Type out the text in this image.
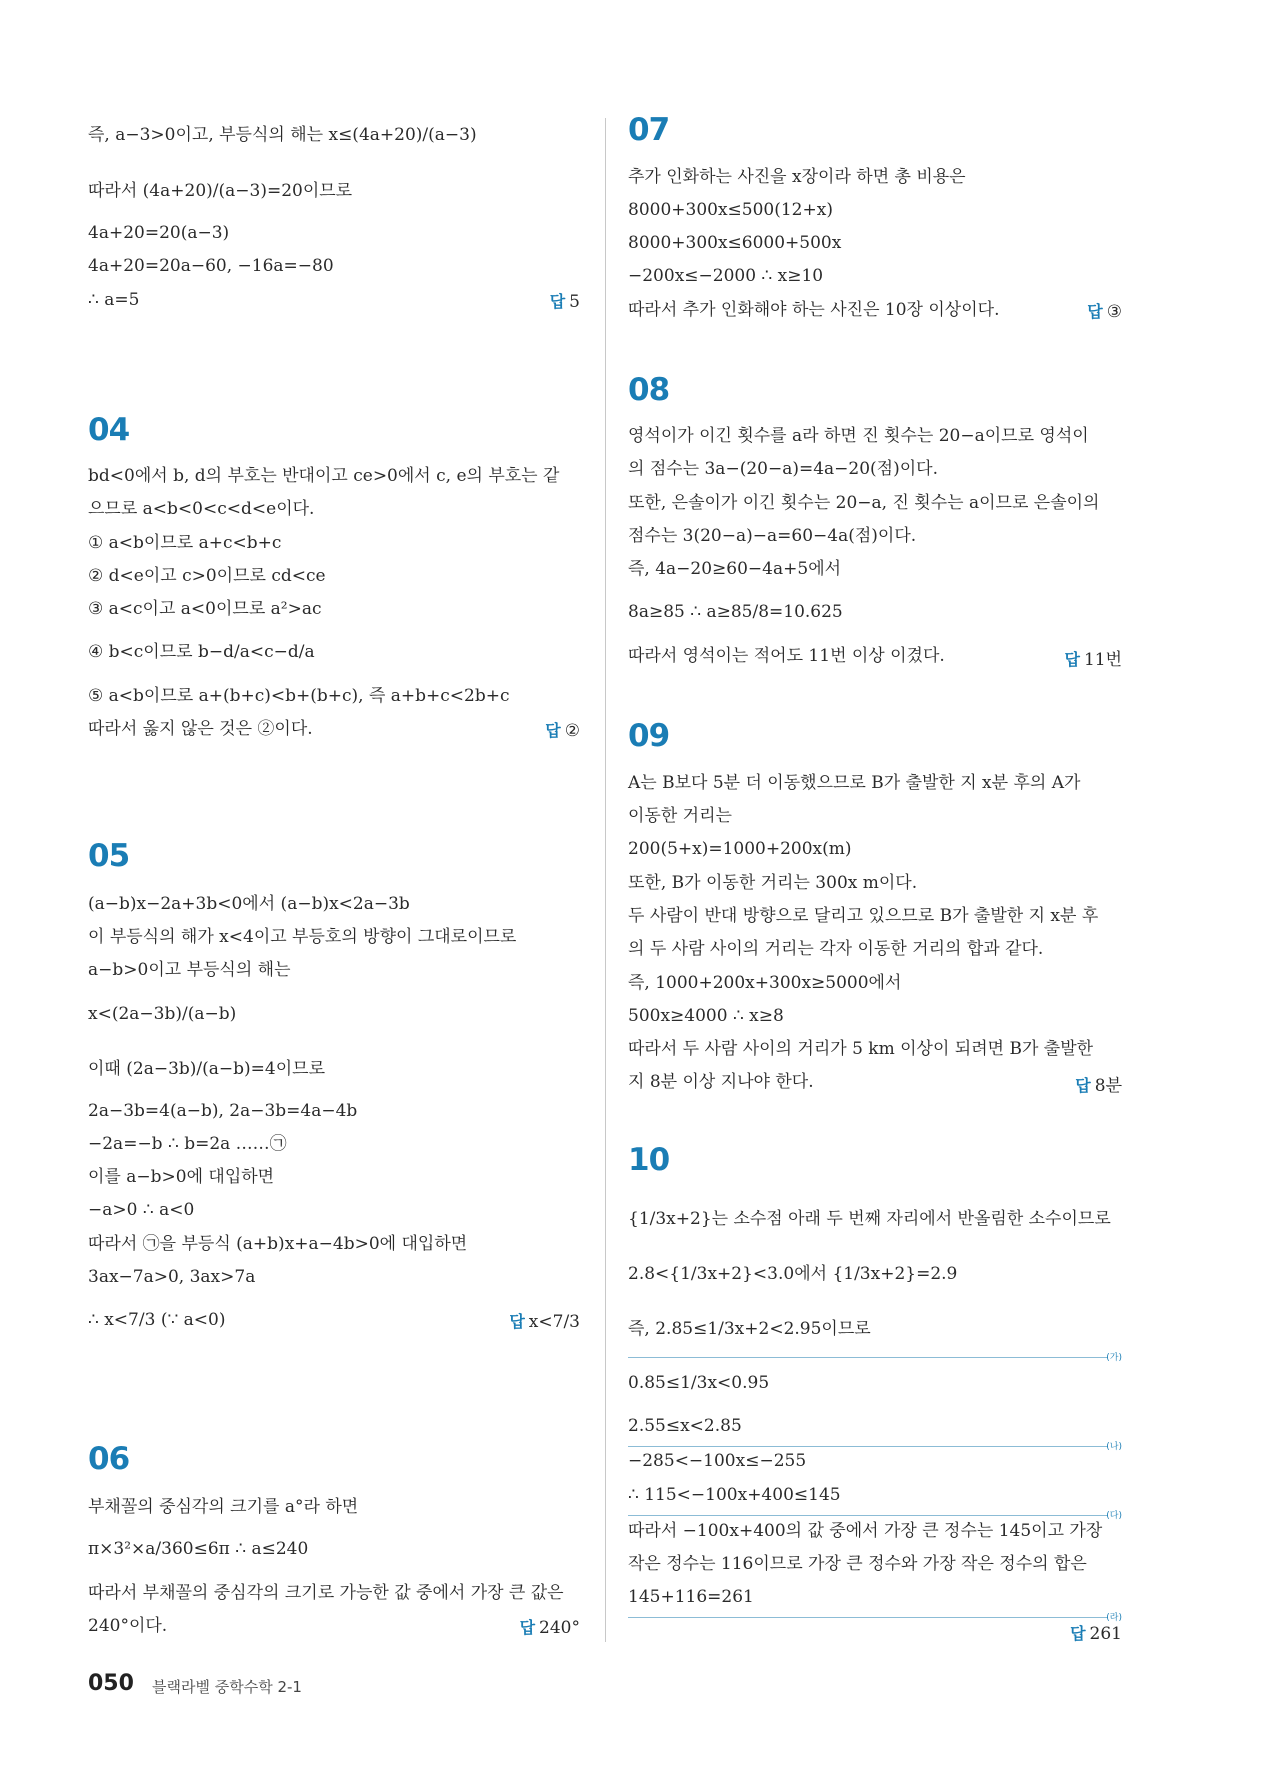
즉, a−3>0이고, 부등식의 해는 x≤(4a+20)/(a−3)
따라서 (4a+20)/(a−3)=20이므로
4a+20=20(a−3)
4a+20=20a−60, −16a=−80
∴ a=5	답 5
04
bd<0에서 b, d의 부호는 반대이고 ce>0에서 c, e의 부호는 같
으므로 a<b<0<c<d<e이다.
① a<b이므로 a+c<b+c
② d<e이고 c>0이므로 cd<ce
③ a<c이고 a<0이므로 a²>ac
④ b<c이므로 b−d/a<c−d/a
⑤ a<b이므로 a+(b+c)<b+(b+c), 즉 a+b+c<2b+c
따라서 옳지 않은 것은 ②이다.	답 ②
05
(a−b)x−2a+3b<0에서 (a−b)x<2a−3b
이 부등식의 해가 x<4이고 부등호의 방향이 그대로이므로
a−b>0이고 부등식의 해는
x<(2a−3b)/(a−b)
이때 (2a−3b)/(a−b)=4이므로
2a−3b=4(a−b), 2a−3b=4a−4b
−2a=−b ∴ b=2a ……㉠
이를 a−b>0에 대입하면
−a>0 ∴ a<0
따라서 ㉠을 부등식 (a+b)x+a−4b>0에 대입하면
3ax−7a>0, 3ax>7a
∴ x<7/3 (∵ a<0)	답 x<7/3
06
부채꼴의 중심각의 크기를 a°라 하면
π×3²×a/360≤6π ∴ a≤240
따라서 부채꼴의 중심각의 크기로 가능한 값 중에서 가장 큰 값은
240°이다.	답 240°
07
추가 인화하는 사진을 x장이라 하면 총 비용은
8000+300x≤500(12+x)
8000+300x≤6000+500x
−200x≤−2000 ∴ x≥10
따라서 추가 인화해야 하는 사진은 10장 이상이다.	답 ③
08
영석이가 이긴 횟수를 a라 하면 진 횟수는 20−a이므로 영석이
의 점수는 3a−(20−a)=4a−20(점)이다.
또한, 은솔이가 이긴 횟수는 20−a, 진 횟수는 a이므로 은솔이의
점수는 3(20−a)−a=60−4a(점)이다.
즉, 4a−20≥60−4a+5에서
8a≥85 ∴ a≥85/8=10.625
따라서 영석이는 적어도 11번 이상 이겼다.	답 11번
09
A는 B보다 5분 더 이동했으므로 B가 출발한 지 x분 후의 A가
이동한 거리는
200(5+x)=1000+200x(m)
또한, B가 이동한 거리는 300x m이다.
두 사람이 반대 방향으로 달리고 있으므로 B가 출발한 지 x분 후
의 두 사람 사이의 거리는 각자 이동한 거리의 합과 같다.
즉, 1000+200x+300x≥5000에서
500x≥4000 ∴ x≥8
따라서 두 사람 사이의 거리가 5 km 이상이 되려면 B가 출발한
지 8분 이상 지나야 한다.	답 8분
10
{1/3x+2}는 소수점 아래 두 번째 자리에서 반올림한 소수이므로
2.8<{1/3x+2}<3.0에서 {1/3x+2}=2.9
즉, 2.85≤1/3x+2<2.95이므로
(가)
0.85≤1/3x<0.95
2.55≤x<2.85
(나)
−285<−100x≤−255
∴ 115<−100x+400≤145
(다)
따라서 −100x+400의 값 중에서 가장 큰 정수는 145이고 가장
작은 정수는 116이므로 가장 큰 정수와 가장 작은 정수의 합은
145+116=261
(라)
답 261
050 블랙라벨 중학수학 2-1
